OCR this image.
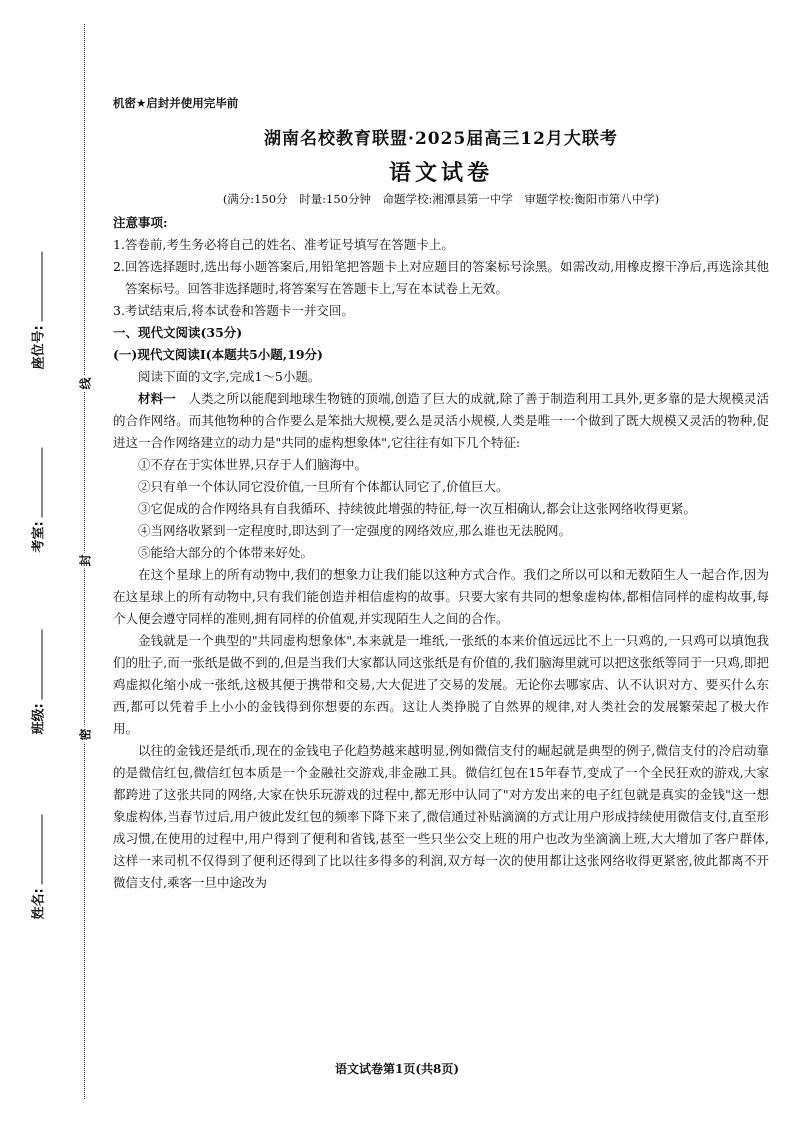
座位号:
考室:
班级:
姓名:
线
封
密
机密★启封并使用完毕前
湖南名校教育联盟·2025届高三12月大联考
语文试卷
(满分:150分　时量:150分钟　命题学校:湘潭县第一中学　审题学校:衡阳市第八中学)

注意事项:

1.答卷前,考生务必将自己的姓名、准考证号填写在答题卡上。

2.回答选择题时,选出每小题答案后,用铅笔把答题卡上对应题目的答案标号涂黑。如需改动,用橡皮擦干净后,再选涂其他答案标号。回答非选择题时,将答案写在答题卡上,写在本试卷上无效。

3.考试结束后,将本试卷和答题卡一并交回。

一、现代文阅读(35分)

(一)现代文阅读Ⅰ(本题共5小题,19分)

阅读下面的文字,完成1～5小题。

材料一　人类之所以能爬到地球生物链的顶端,创造了巨大的成就,除了善于制造利用工具外,更多靠的是大规模灵活的合作网络。而其他物种的合作要么是笨拙大规模,要么是灵活小规模,人类是唯一一个做到了既大规模又灵活的物种,促进这一合作网络建立的动力是"共同的虚构想象体",它往往有如下几个特征:

①不存在于实体世界,只存于人们脑海中。

②只有单一个体认同它没价值,一旦所有个体都认同它了,价值巨大。

③它促成的合作网络具有自我循环、持续彼此增强的特征,每一次互相确认,都会让这张网络收得更紧。

④当网络收紧到一定程度时,即达到了一定强度的网络效应,那么谁也无法脱网。

⑤能给大部分的个体带来好处。

在这个星球上的所有动物中,我们的想象力让我们能以这种方式合作。我们之所以可以和无数陌生人一起合作,因为在这星球上的所有动物中,只有我们能创造并相信虚构的故事。只要大家有共同的想象虚构体,都相信同样的虚构故事,每个人便会遵守同样的准则,拥有同样的价值观,并实现陌生人之间的合作。

金钱就是一个典型的"共同虚构想象体",本来就是一堆纸,一张纸的本来价值远远比不上一只鸡的,一只鸡可以填饱我们的肚子,而一张纸是做不到的,但是当我们大家都认同这张纸是有价值的,我们脑海里就可以把这张纸等同于一只鸡,即把鸡虚拟化缩小成一张纸,这极其便于携带和交易,大大促进了交易的发展。无论你去哪家店、认不认识对方、要买什么东西,都可以凭着手上小小的金钱得到你想要的东西。这让人类挣脱了自然界的规律,对人类社会的发展繁荣起了极大作用。

以往的金钱还是纸币,现在的金钱电子化趋势越来越明显,例如微信支付的崛起就是典型的例子,微信支付的冷启动靠的是微信红包,微信红包本质是一个金融社交游戏,非金融工具。微信红包在15年春节,变成了一个全民狂欢的游戏,大家都跨进了这张共同的网络,大家在快乐玩游戏的过程中,都无形中认同了"对方发出来的电子红包就是真实的金钱"这一想象虚构体,当春节过后,用户彼此发红包的频率下降下来了,微信通过补贴滴滴的方式让用户形成持续使用微信支付,直至形成习惯,在使用的过程中,用户得到了便利和省钱,甚至一些只坐公交上班的用户也改为坐滴滴上班,大大增加了客户群体,这样一来司机不仅得到了便利还得到了比以往多得多的利润,双方每一次的使用都让这张网络收得更紧密,彼此都离不开微信支付,乘客一旦中途改为

语文试卷第1页(共8页)
